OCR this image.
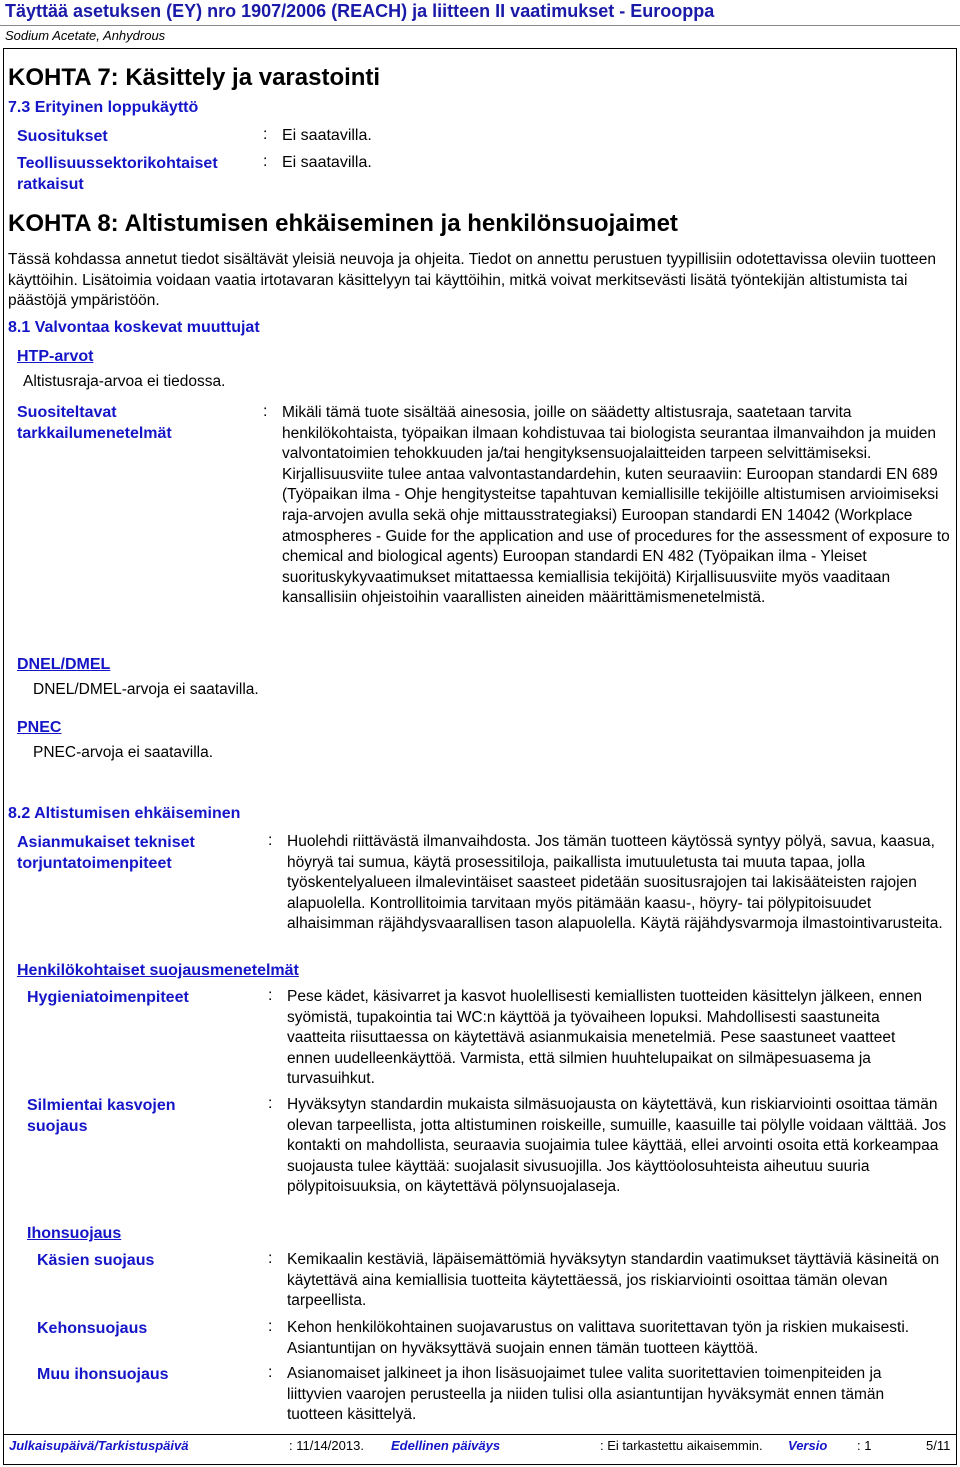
Täyttää asetuksen (EY) nro 1907/2006 (REACH) ja liitteen II vaatimukset - Eurooppa
Sodium Acetate, Anhydrous
KOHTA 7: Käsittely ja varastointi
7.3 Erityinen loppukäyttö
Suositukset	: Ei saatavilla.
Teollisuussektorikohtaiset ratkaisut
: Ei saatavilla.
KOHTA 8: Altistumisen ehkäiseminen ja henkilönsuojaimet
Tässä kohdassa annetut tiedot sisältävät yleisiä neuvoja ja ohjeita. Tiedot on annettu perustuen tyypillisiin odotettavissa oleviin tuotteen käyttöihin. Lisätoimia voidaan vaatia irtotavaran käsittelyyn tai käyttöihin, mitkä voivat merkitsevästi lisätä työntekijän altistumista tai päästöjä ympäristöön.
8.1 Valvontaa koskevat muuttujat
HTP-arvot
Altistusraja-arvoa ei tiedossa.
Suositeltavat tarkkailumenetelmät
: Mikäli tämä tuote sisältää ainesosia, joille on säädetty altistusraja, saatetaan tarvita henkilökohtaista, työpaikan ilmaan kohdistuvaa tai biologista seurantaa ilmanvaihdon ja muiden valvontatoimien tehokkuuden ja/tai hengityksensuojalaitteiden tarpeen selvittämiseksi. Kirjallisuusviite tulee antaa valvontastandardehin, kuten seuraaviin: Euroopan standardi EN 689 (Työpaikan ilma - Ohje hengitysteitse tapahtuvan kemiallisille tekijöille altistumisen arvioimiseksi raja-arvojen avulla sekä ohje mittausstrategiaksi) Euroopan standardi EN 14042 (Workplace atmospheres - Guide for the application and use of procedures for the assessment of exposure to chemical and biological agents) Euroopan standardi EN 482 (Työpaikan ilma - Yleiset suorituskykyvaatimukset mitattaessa kemiallisia tekijöitä) Kirjallisuusviite myös vaaditaan kansallisiin ohjeistoihin vaarallisten aineiden määrittämismenetelmistä.
DNEL/DMEL
DNEL/DMEL-arvoja ei saatavilla.
PNEC
PNEC-arvoja ei saatavilla.
8.2 Altistumisen ehkäiseminen
Asianmukaiset tekniset torjuntatoimenpiteet
: Huolehdi riittävästä ilmanvaihdosta. Jos tämän tuotteen käytössä syntyy pölyä, savua, kaasua, höyryä tai sumua, käytä prosessitiloja, paikallista imutuuletusta tai muuta tapaa, jolla työskentelyalueen ilmalevintäiset saasteet pidetään suositusrajojen tai lakisääteisten rajojen alapuolella. Kontrollitoimia tarvitaan myös pitämään kaasu-, höyry- tai pölypitoisuudet alhaisimman räjähdysvaarallisen tason alapuolella. Käytä räjähdysvarmoja ilmastointivarusteita.
Henkilökohtaiset suojausmenetelmät
Hygieniatoimenpiteet	: Pese kädet, käsivarret ja kasvot huolellisesti kemiallisten tuotteiden käsittelyn jälkeen, ennen syömistä, tupakointia tai WC:n käyttöä ja työvaiheen lopuksi. Mahdollisesti saastuneita vaatteita riisuttaessa on käytettävä asianmukaisia menetelmiä. Pese saastuneet vaatteet ennen uudelleenkäyttöä. Varmista, että silmien huuhtelupaikat on silmäpesuasema ja turvasuihkut.
Silmientai kasvojen suojaus
: Hyväksytyn standardin mukaista silmäsuojausta on käytettävä, kun riskiarviointi osoittaa tämän olevan tarpeellista, jotta altistuminen roiskeille, sumuille, kaasuille tai pölylle voidaan välttää. Jos kontakti on mahdollista, seuraavia suojaimia tulee käyttää, ellei arvointi osoita että korkeampaa suojausta tulee käyttää: suojalasit sivusuojilla. Jos käyttöolosuhteista aiheutuu suuria pölypitoisuuksia, on käytettävä pölynsuojalaseja.
Ihonsuojaus
Käsien suojaus	: Kemikaalin kestäviä, läpäisemättömiä hyväksytyn standardin vaatimukset täyttäviä käsineitä on käytettävä aina kemiallisia tuotteita käytettäessä, jos riskiarviointi osoittaa tämän olevan tarpeellista.
Kehonsuojaus	: Kehon henkilökohtainen suojavarustus on valittava suoritettavan työn ja riskien mukaisesti. Asiantuntijan on hyväksyttävä suojain ennen tämän tuotteen käyttöä.
Muu ihonsuojaus	: Asianomaiset jalkineet ja ihon lisäsuojaimet tulee valita suoritettavien toimenpiteiden ja liittyvien vaarojen perusteella ja niiden tulisi olla asiantuntijan hyväksymät ennen tämän tuotteen käsittelyä.
Julkaisupäivä/Tarkistuspäivä	: 11/14/2013. Edellinen päiväys	: Ei tarkastettu aikaisemmin. Versio : 1	5/11
